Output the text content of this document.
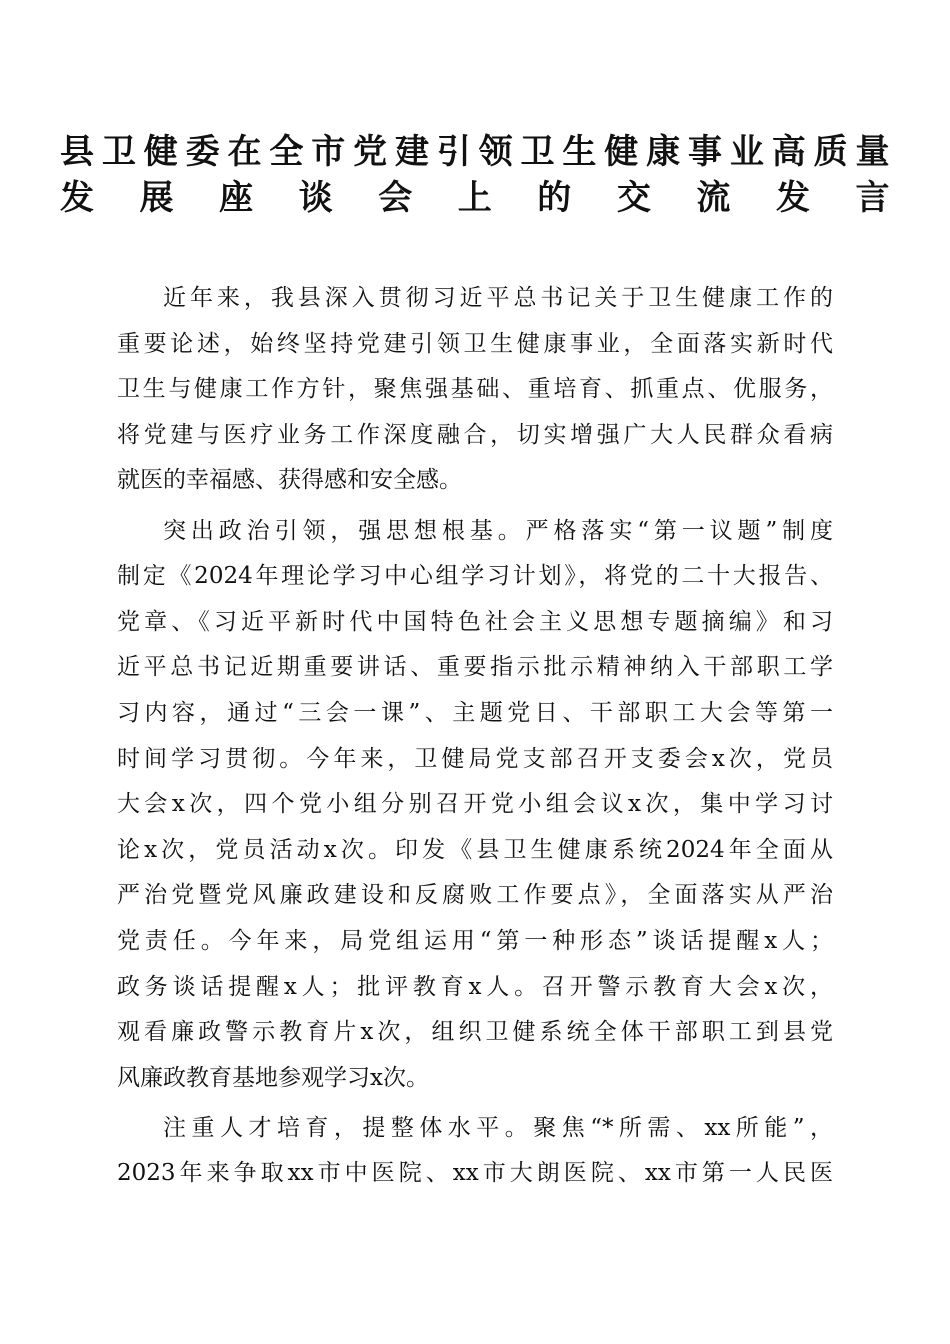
县卫健委在全市党建引领卫生健康事业高质量
发展座谈会上的交流发言
近年来，我县深入贯彻习近平总书记关于卫生健康工作的
重要论述，始终坚持党建引领卫生健康事业，全面落实新时代
卫生与健康工作方针，聚焦强基础、重培育、抓重点、优服务，
将党建与医疗业务工作深度融合，切实增强广大人民群众看病
就医的幸福感、获得感和安全感。
突出政治引领，强思想根基。严格落实“第一议题”制度
制定《2024年理论学习中心组学习计划》，将党的二十大报告、
党章、《习近平新时代中国特色社会主义思想专题摘编》和习
近平总书记近期重要讲话、重要指示批示精神纳入干部职工学
习内容，通过“三会一课”、主题党日、干部职工大会等第一
时间学习贯彻。今年来，卫健局党支部召开支委会x次，党员
大会x次，四个党小组分别召开党小组会议x次，集中学习讨
论x次，党员活动x次。印发《县卫生健康系统2024年全面从
严治党暨党风廉政建设和反腐败工作要点》，全面落实从严治
党责任。今年来，局党组运用“第一种形态”谈话提醒x人；
政务谈话提醒x人；批评教育x人。召开警示教育大会x次，
观看廉政警示教育片x次，组织卫健系统全体干部职工到县党
风廉政教育基地参观学习x次。
注重人才培育，提整体水平。聚焦“*所需、xx所能”，
2023年来争取xx市中医院、xx市大朗医院、xx市第一人民医
